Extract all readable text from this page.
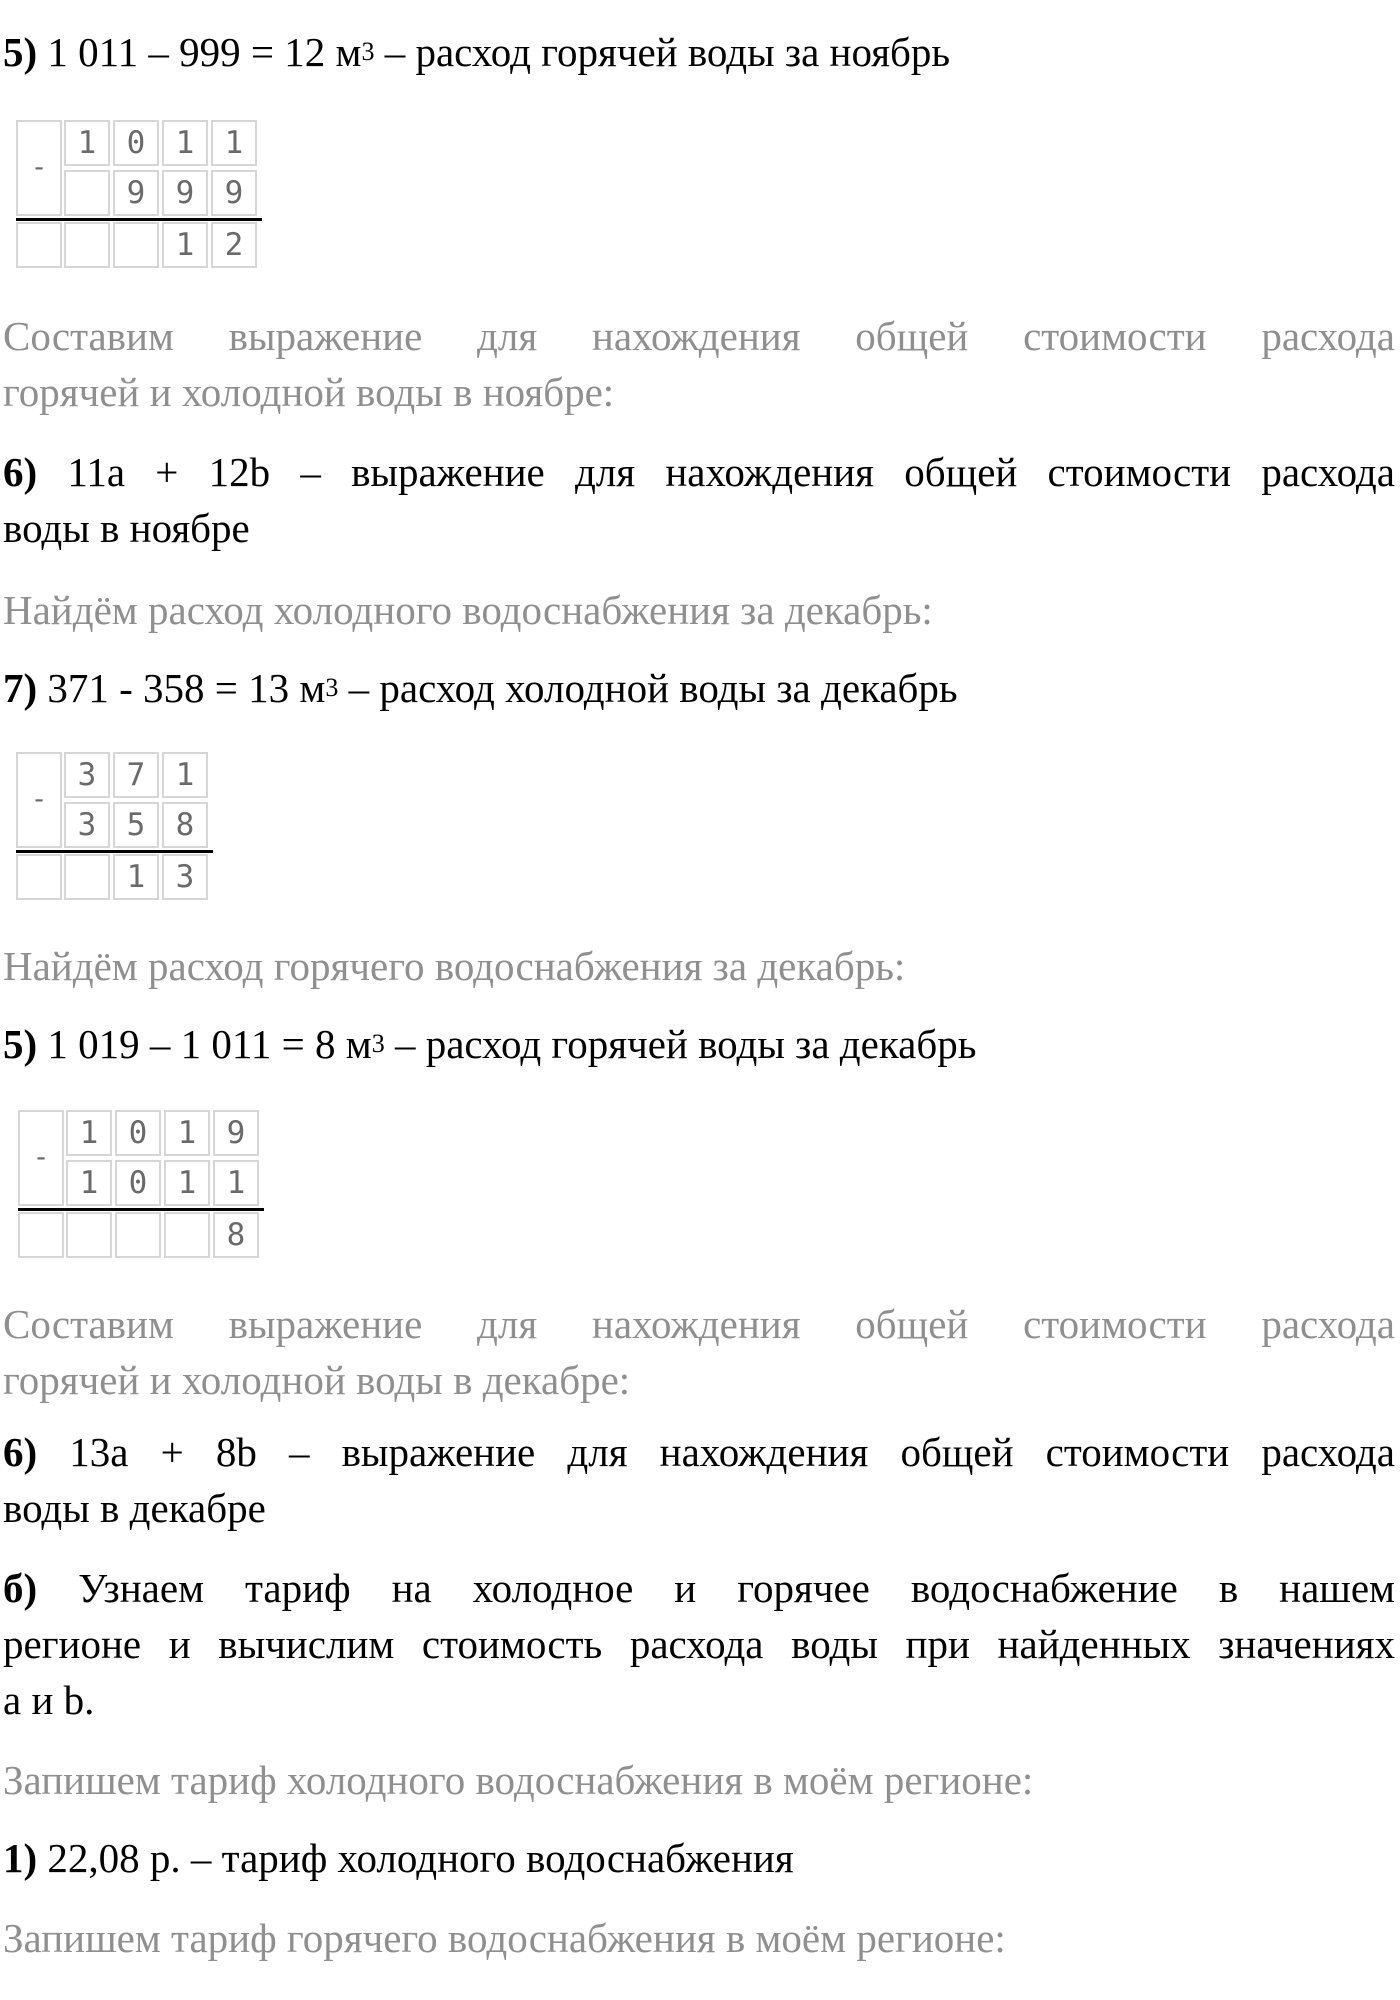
5) 1 011 – 999 = 12 $м^3$ – расход горячей воды за ноябрь
-
1 0 1 1
9 9 9
1 2
Составим выражение для нахождения общей стоимости расхода
горячей и холодной воды в ноябре:
6) 11a + 12b – выражение для нахождения общей стоимости расхода
воды в ноябре
Найдём расход холодного водоснабжения за декабрь:
7) 371 - 358 = 13 $м^3$ – расход холодной воды за декабрь
-
3 7 1
3 5 8
1 3
Найдём расход горячего водоснабжения за декабрь:
5) 1 019 – 1 011 = 8 $м^3$ – расход горячей воды за декабрь
-
1 0 1 9
1 0 1 1
8
Составим выражение для нахождения общей стоимости расхода
горячей и холодной воды в декабре:
6) 13a + 8b – выражение для нахождения общей стоимости расхода
воды в декабре
б) Узнаем тариф на холодное и горячее водоснабжение в нашем
регионе и вычислим стоимость расхода воды при найденных значениях
a и b.
Запишем тариф холодного водоснабжения в моём регионе:
1) 22,08 р. – тариф холодного водоснабжения
Запишем тариф горячего водоснабжения в моём регионе:
